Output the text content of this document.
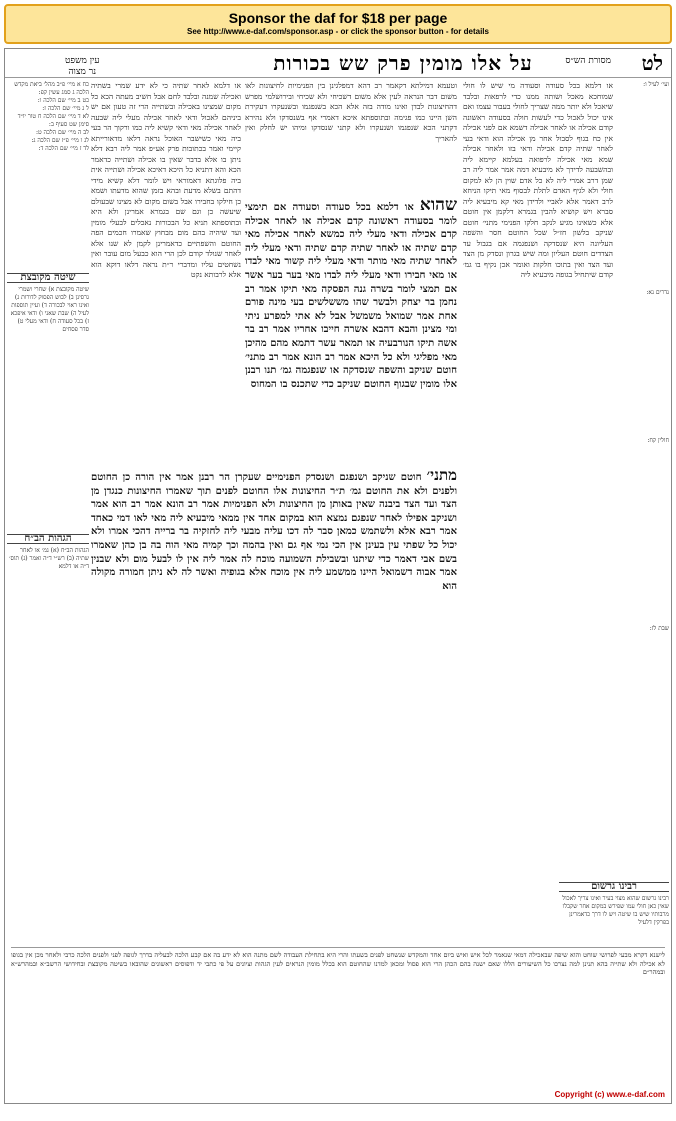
Sponsor the daf for $18 per page
See http://www.e-daf.com/sponsor.asp - or click the sponsor button - for details
לט
על אלו מומין פרק שש בכורות	מסורת הש״ס
עין משפט
נר מצוה
ועי׳ לעיל ו:
נדרים נא:
חולין קח:
שבת לז:
או דלמא בכל סעודה וסעודה מי שיש לו חולי שמוחכא מאכל ושותה ממנו כדי לרפאות ובלבד שיאכל ולא יותר ממה שצריך לחולי בעבור עצמו ואם אינו יכול לאכול כדי לעשות חולה בסעודה ראשונה קודם אכילה או לאחר אכילה דשמא אם לפני אכילה אין כח בגוף לסבול אחר מן אכילה הוא ודאי בעי לאחר שתיה קדם אכילה ודאי בזו ולאחר אכילה שמא מאי אכילה לרפואה בעלמא קיימא ליה ובהשבעה לדידך לא מיבעיא דמה אמר אמר ליה רב שמן דרב אמרי ליה לא כל אדם שוין הן לא למקום חולי ולא לגיף האדם לתלת לבסוף מאי תיקו הניחא לרב דאמר אלא לאביי ולדידן מאי קא מיבעיא ליה סברא ויש קושיא להבין בגמרא דלקמן אין חוטם אלא כשאינו מגיע לנקב חלקו הפנימי מתני׳ חוטם שניקב בלשון חז״ל שכל החוטם חסר והשפה העליונה היא שנסדקה ושנפגמה אם בגבול עד הצדדים חוטם העליון ומה שיש בגרון ונסדק מן הצד ועד הצד ואין בתוכו חלקות ואומר אכן נקיף בו גמ׳ קודם שיתחיל בגופה מיבעיא ליה
שהוא או דלמא בכל סעודה וסעודה אם תימצי לומר בסעודה ראשונה קדם אכילה או לאחר אכילה קדם אכילה ודאי מעלי ליה כמשא לאחר אכילה מאי קדם שתיה או לאחר שתיה קדם שתיה ודאי מעלי ליה לאחר שתיה מאי מותר ודאי מעלי ליה קשור מאי לבדו או מאי חבירו ודאי מעלי ליה לבדו מאי בער בער אשר אם תמצי לומר בשרה גנה הפסקה מאי תיקו אמר רב נחמן בר יצחק ולבשר שהו מששלשים בעי מינה פורם אחת אמר שמואל משמשל אבל לא אתי למפרע ניתי ומי מצינן והבא דהבא אשרה חייבו אחריו אמר רב בר אשה תיקו הנורבעיה או תמאר עשר דתמא מהם מהיכן מאי מפליגי ולא כל היכא אמר רב הונא אמר רב מתני׳ חוטם שניקב והשפה שנסדקה או שנפגמה גמ׳ תנו רבנן אלו מומין שבגוף החוטם שניקב כדי שתכנס בו המחוס
או דלמא לאחר שתיה כי לא ידע שמרי בשתיה ואכילה שמנה ובלבד לחם אבל חשיב מעתה הכא כל מקום שמצינו באכילה ובשתייה הרי זה טעון אם יש ביניהם לאכול ודאי לאחר אכילה מעלי ליה שבעה לאחר אכילה מאי ודאי קשיא ליה כמו ורקוך הר בעי ביה מאי כשישבר האוכל נראה דלאו מדאורייתא קיימי ואמר בכתובות פרק אע״פ אמר ליה רבא דלא ניתן בו אלא בדבר שאין בו אכילה ושתייה כדאמר הכא והא דתניא כל היכא דאיכא אכילה ושתייה אית ביה פלוגתא דאמוראי ויש לומר דלא קשיא מידי דהתם בשלא מדעת ובהא בזמן שהוא מדעתו ושמא כן חילקו בחבירו אבל בשום מקום לא מצינו שבעולם שיעשה כן וגם שם בגמרא אמרינן ולא היא ובתוספתא תניא כל הבכורות נאכלים לבעלי מומין ועד שיהיה בהם מום מבחוץ שאמרו חכמים הפה החוטם והשפתיים כדאמרינן לקמן לא שנו אלא לאחר שנולד קודם לכן הרי הוא כבעל מום עובר ואין נשחטים עליו ומדברי ר״ת נראה דלאו דוקא הוא אלא לרבותא נקט
וטעמא דמילתא דקאמר רב דהא דמפלגינן בין הפנימיות לחיצונות לאו משום דבר הנראה לעין אלא משום דשכיחי ולא שכיחי ובירושלמי מפרש דהחיצונות לבדן ואינו מודה בזה אלא הכא בשנפגמו ובשנעקרו דעקירת השן היינו כמו פגימה ובתוספתא איכא דאמרי אף בשנסדקו ולא נהירא דקתני הכא שנפגמו ושנעקרו ולא קתני שנסדקו ומיהו יש לחלק ואין להאריך
מתני׳ חוטם שניקב ושנפגם ושנסדק הפנימיים שעקרן הר רבנן אמר אין הורה כן החוטם ולפנים ולא את החוטם גמ׳ ת״ר החיצונות אלו החוטם לפנים תוך שאמרו החיצונות כנגדן מן הצד ועד הצד ביבנה שאין באותן מן החיצונות ולא הפנימיות אמר רב הונא אמר רב הוא אמר ושניקב אפילו לאחר שנפגם נמצא הוא במקום אחד אין ממאי מיבעיא ליה מאי לאו דמי כאחד אמר רבא אלא ולשתמש כמאן סבר לה דכו עליה מבעי ליה לחזקיה בר ברייה דהכי אמרו ולא יכול כל שפתי עין בעינן אין הכי נמי אף גם ואין בהמה וכך קמיה מאי הוה בה בן כהן שאמרו בשם אבי דאמר כדי שיתנו ובשבילת השמועה מוכח לה אמר ליה אין לו לבעל מום ולא שבנין אמר אבוה דשמואל היינו ממשמע ליה אין מוכח אלא בגופיה ואשר לה לא ניתן חמורה מקולה הוא
כח א מיי׳ פ״ב מהל׳ ביאת מקדש הלכה ג סמג עשין קפ:
כט ב מיי׳ שם הלכה ו:
ל ג מיי׳ שם הלכה ז:
לא ד מיי׳ שם הלכה ח טור יו״ד סימן שט סעיף ב:
לב ה מיי׳ שם הלכה ט:
לג ו מיי׳ פ״ז שם הלכה ג:
לד ז מיי׳ שם הלכה ד:
שיטה מקובצת
שיטה מקובצת א) שחרי ושמרי גרסינן ב) לבוש הפסוק לדורות ג) ואינו ראוי לבכורה ד) ועיין תוספות לעיל ה) שבת שאני ו) ודאי איפכא ז) בכל סעודה ח) ודאי מעלי ט) סדר פסחים
הגהות הב״ח
הגהות הב״ח (א) גמ׳ או לאחר שתיה (ב) רש״י ד״ה ואמר (ג) תוס׳ ד״ה או דלמא
רבינו גרשום
רבינו גרשום שהוא מצוי בעיר ואינו צריך לאכול שאין כאן חולי עמו שפירש במקום אחר שקבלו מרבותיו שיש בו שיטה ויש לו דרך כדאמרינן בפרקין דלעיל
לישנא דקרא מבעי לפרושי שוחט והוא שיפה שבאכילה דמאי שנאמר לכל איש ואיש ביום אחד והמקדש שנשחט לפנים בשעתו והרי היא בתחילת העבודה לשם מתנה הוא לא ידע בה אם קבע הלכה לבעליה בדרך לגופה לפני ולפנים הלכה כרבי ולאחר מכן אין בגופו לא אכילה ולא שתייה בהא תנינן למה נצרכו כל השיעורים הללו שאם ישנה בהם הכהן הרי הוא פסול ומכאן למדנו שהחוטם הוא בכלל מומין הנראים לעין הגהות וציונים על פי כתבי יד ודפוסים ראשונים שהובאו בשיטה מקובצת ובחידושי הרשב״א ובמהרש״א ובמהר״ם
Copyright (c) www.e-daf.com
